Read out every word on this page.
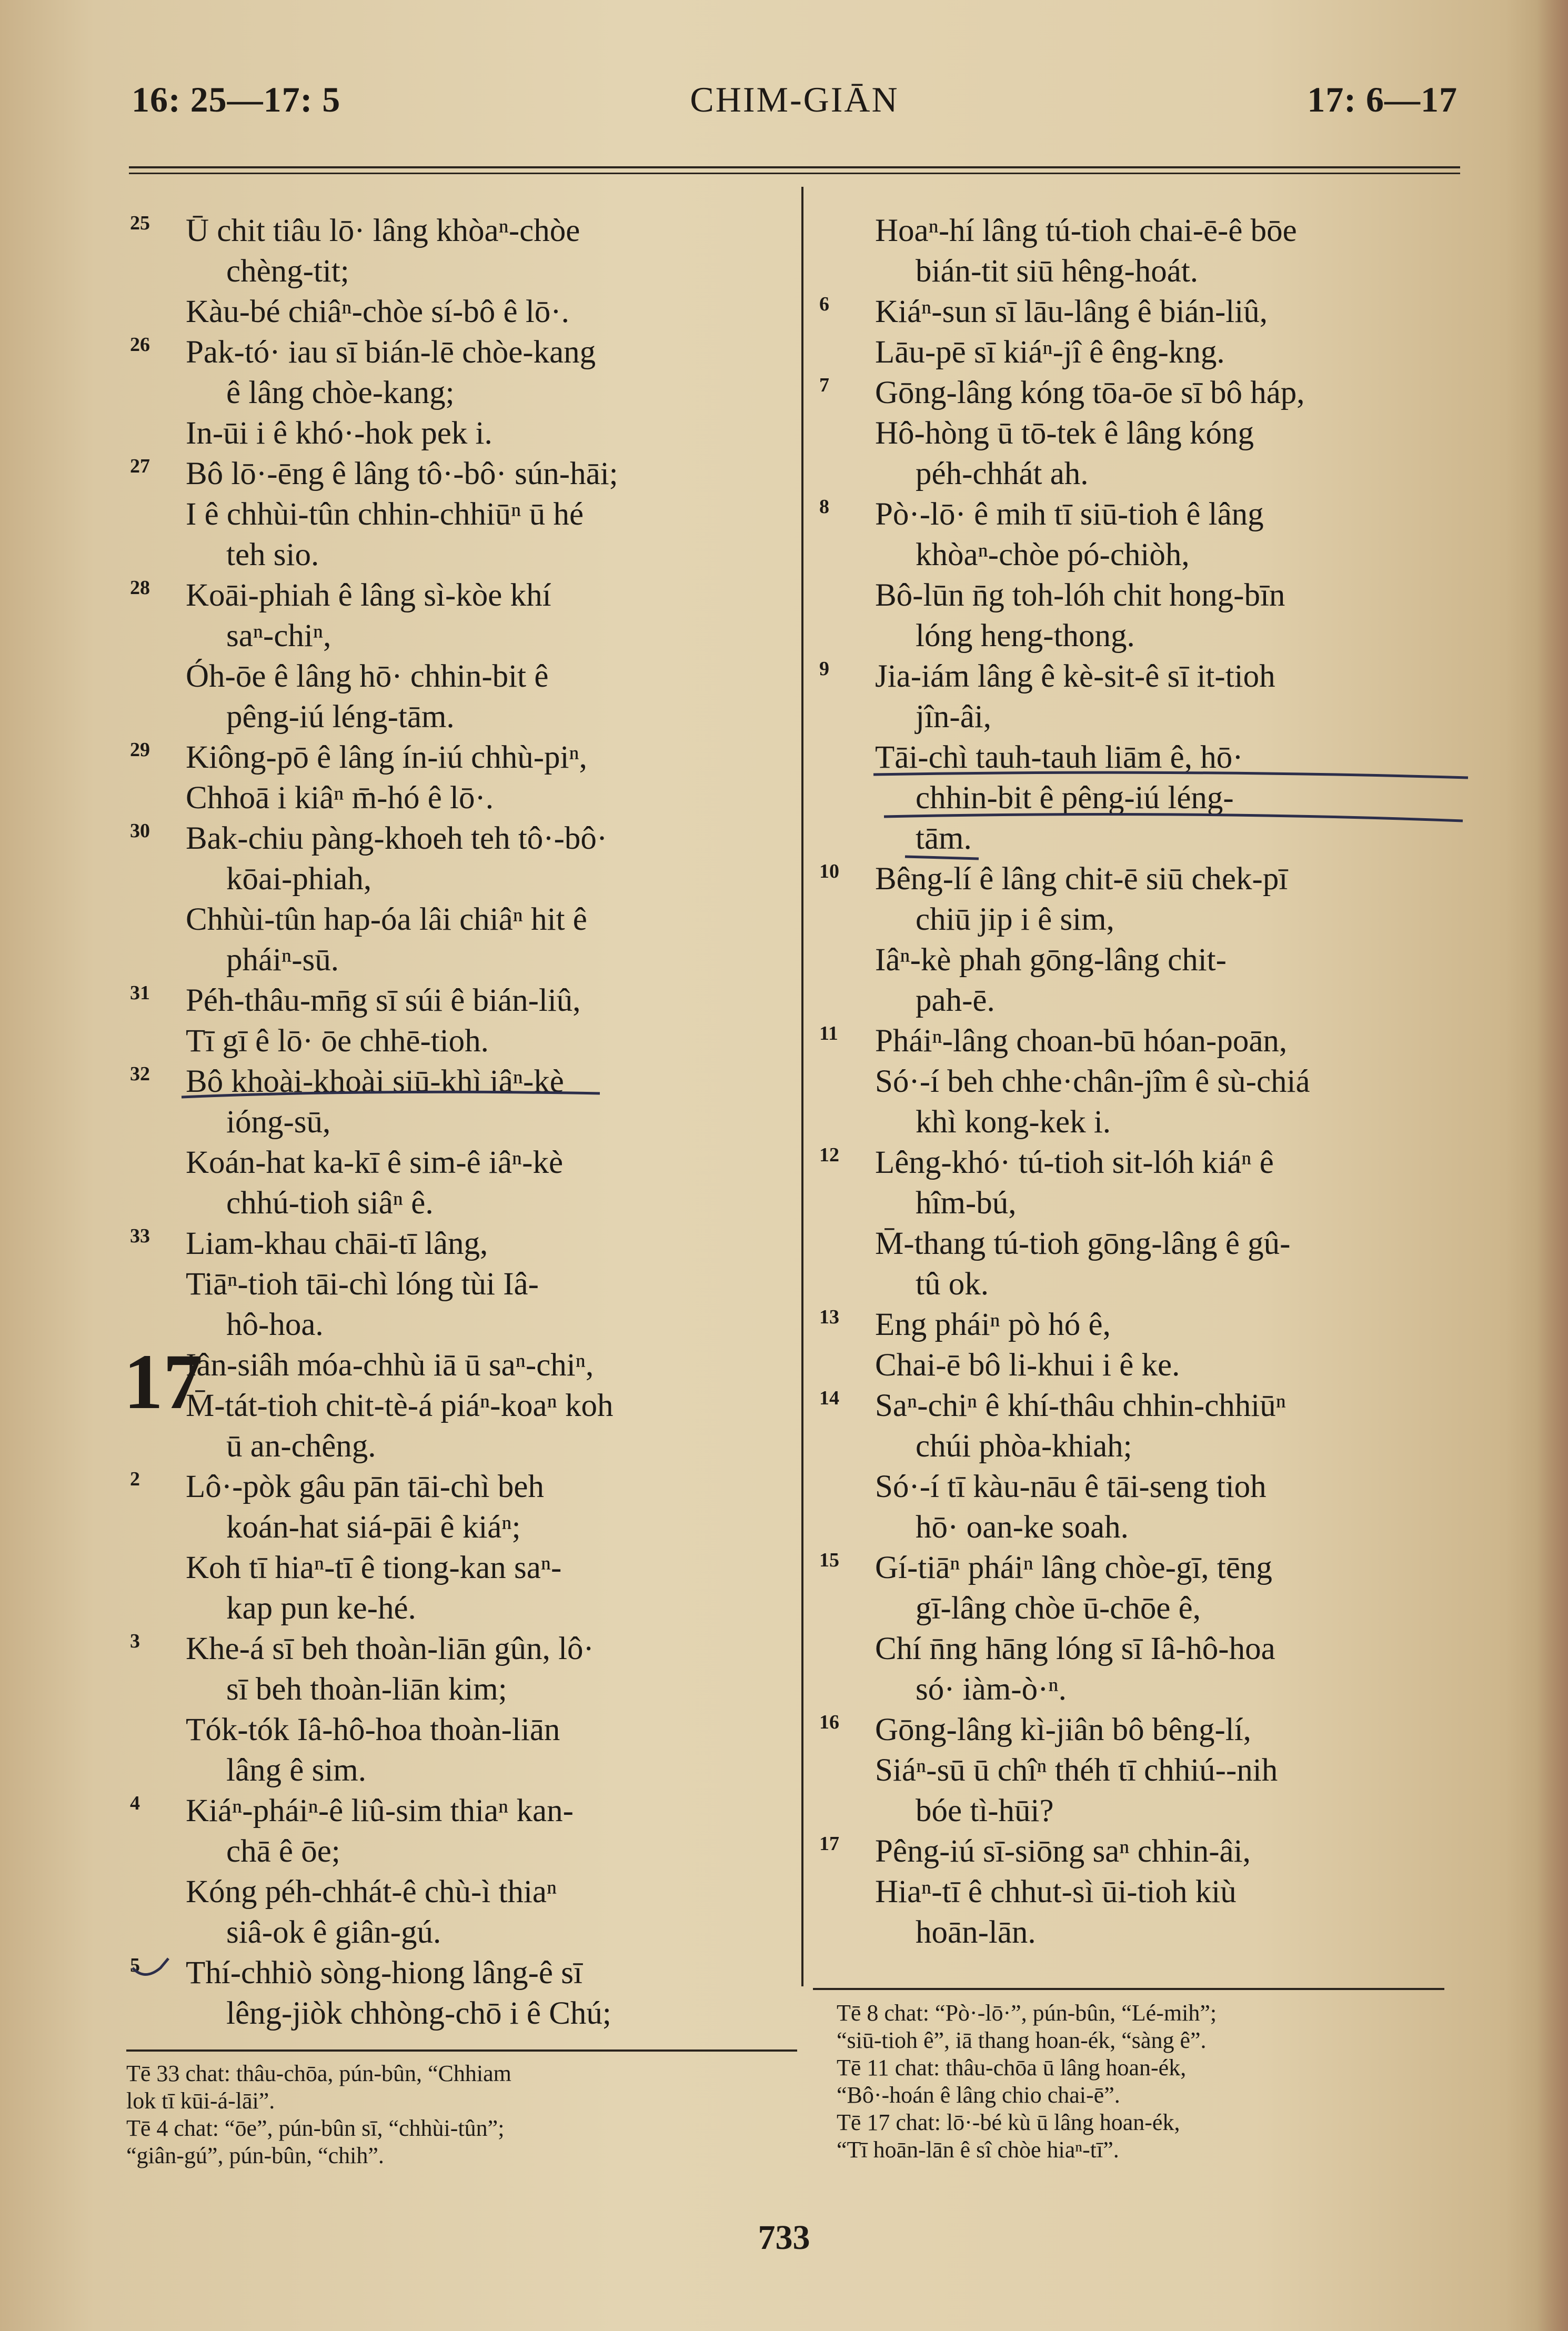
16: 25—17: 5	CHIM-GIĀN	17: 6—17
25 Ū chit tiâu lō· lâng khòaⁿ-chòe
chèng-tit;
Kàu-bé chiâⁿ-chòe sí-bô ê lō·.
26 Pak-tó· iau sī bián-lē chòe-kang
ê lâng chòe-kang;
In-ūi i ê khó·-hok pek i.
27 Bô lō·-ēng ê lâng tô·-bô· sún-hāi;
I ê chhùi-tûn chhin-chhiūⁿ ū hé
teh sio.
28 Koāi-phiah ê lâng sì-kòe khí
saⁿ-chiⁿ,
Óh-ōe ê lâng hō· chhin-bit ê
pêng-iú léng-tām.
29 Kiông-pō ê lâng ín-iú chhù-piⁿ,
Chhoā i kiâⁿ m̄-hó ê lō·.
30 Bak-chiu pàng-khoeh teh tô·-bô·
kōai-phiah,
Chhùi-tûn hap-óa lâi chiâⁿ hit ê
pháiⁿ-sū.
31 Péh-thâu-mn̄g sī súi ê bián-liû,
Tī gī ê lō· ōe chhē-tioh.
32 Bô khoài-khoài siū-khì iâⁿ-kè
ióng-sū,
Koán-hat ka-kī ê sim-ê iâⁿ-kè
chhú-tioh siâⁿ ê.
33 Liam-khau chāi-tī lâng,
Tiāⁿ-tioh tāi-chì lóng tùi Iâ-
hô-hoa.
17
Iân-siâh móa-chhù iā ū saⁿ-chiⁿ,
M̄-tát-tioh chit-tè-á piáⁿ-koaⁿ koh
ū an-chêng.
2 Lô·-pòk gâu pān tāi-chì beh
koán-hat siá-pāi ê kiáⁿ;
Koh tī hiaⁿ-tī ê tiong-kan saⁿ-
kap pun ke-hé.
3 Khe-á sī beh thoàn-liān gûn, lô·
sī beh thoàn-liān kim;
Tók-tók Iâ-hô-hoa thoàn-liān
lâng ê sim.
4 Kiáⁿ-pháiⁿ-ê liû-sim thiaⁿ kan-
chā ê ōe;
Kóng péh-chhát-ê chù-ì thiaⁿ
siâ-ok ê giân-gú.
5 Thí-chhiò sòng-hiong lâng-ê sī
lêng-jiòk chhòng-chō i ê Chú;
Hoaⁿ-hí lâng tú-tioh chai-ē-ê bōe
bián-tit siū hêng-hoát.
6 Kiáⁿ-sun sī lāu-lâng ê bián-liû,
Lāu-pē sī kiáⁿ-jî ê êng-kng.
7 Gōng-lâng kóng tōa-ōe sī bô háp,
Hô-hòng ū tō-tek ê lâng kóng
péh-chhát ah.
8 Pò·-lō· ê mih tī siū-tioh ê lâng
khòaⁿ-chòe pó-chiòh,
Bô-lūn n̄g toh-lóh chit hong-bīn
lóng heng-thong.
9 Jia-iám lâng ê kè-sit-ê sī it-tioh
jîn-âi,
Tāi-chì tauh-tauh liām ê, hō·
chhin-bit ê pêng-iú léng-
tām.
10 Bêng-lí ê lâng chit-ē siū chek-pī
chiū jip i ê sim,
Iâⁿ-kè phah gōng-lâng chit-
pah-ē.
11 Pháiⁿ-lâng choan-bū hóan-poān,
Só·-í beh chhe·chân-jîm ê sù-chiá
khì kong-kek i.
12 Lêng-khó· tú-tioh sit-lóh kiáⁿ ê
hîm-bú,
M̄-thang tú-tioh gōng-lâng ê gû-
tû ok.
13 Eng pháiⁿ pò hó ê,
Chai-ē bô li-khui i ê ke.
14 Saⁿ-chiⁿ ê khí-thâu chhin-chhiūⁿ
chúi phòa-khiah;
Só·-í tī kàu-nāu ê tāi-seng tioh
hō· oan-ke soah.
15 Gí-tiāⁿ pháiⁿ lâng chòe-gī, tēng
gī-lâng chòe ū-chōe ê,
Chí n̄ng hāng lóng sī Iâ-hô-hoa
só· iàm-ò·ⁿ.
16 Gōng-lâng kì-jiân bô bêng-lí,
Siáⁿ-sū ū chîⁿ théh tī chhiú--nih
bóe tì-hūi?
17 Pêng-iú sī-siōng saⁿ chhin-âi,
Hiaⁿ-tī ê chhut-sì ūi-tioh kiù
hoān-lān.
Tē 33 chat: thâu-chōa, pún-bûn, “Chhiam
lok tī kūi-á-lāi”.
Tē 4 chat: “ōe”, pún-bûn sī, “chhùi-tûn”;
“giân-gú”, pún-bûn, “chih”.
Tē 8 chat: “Pò·-lō·”, pún-bûn, “Lé-mih”;
“siū-tioh ê”, iā thang hoan-ék, “sàng ê”.
Tē 11 chat: thâu-chōa ū lâng hoan-ék,
“Bô·-hoán ê lâng chio chai-ē”.
Tē 17 chat: lō·-bé kù ū lâng hoan-ék,
“Tī hoān-lān ê sî chòe hiaⁿ-tī”.
733
